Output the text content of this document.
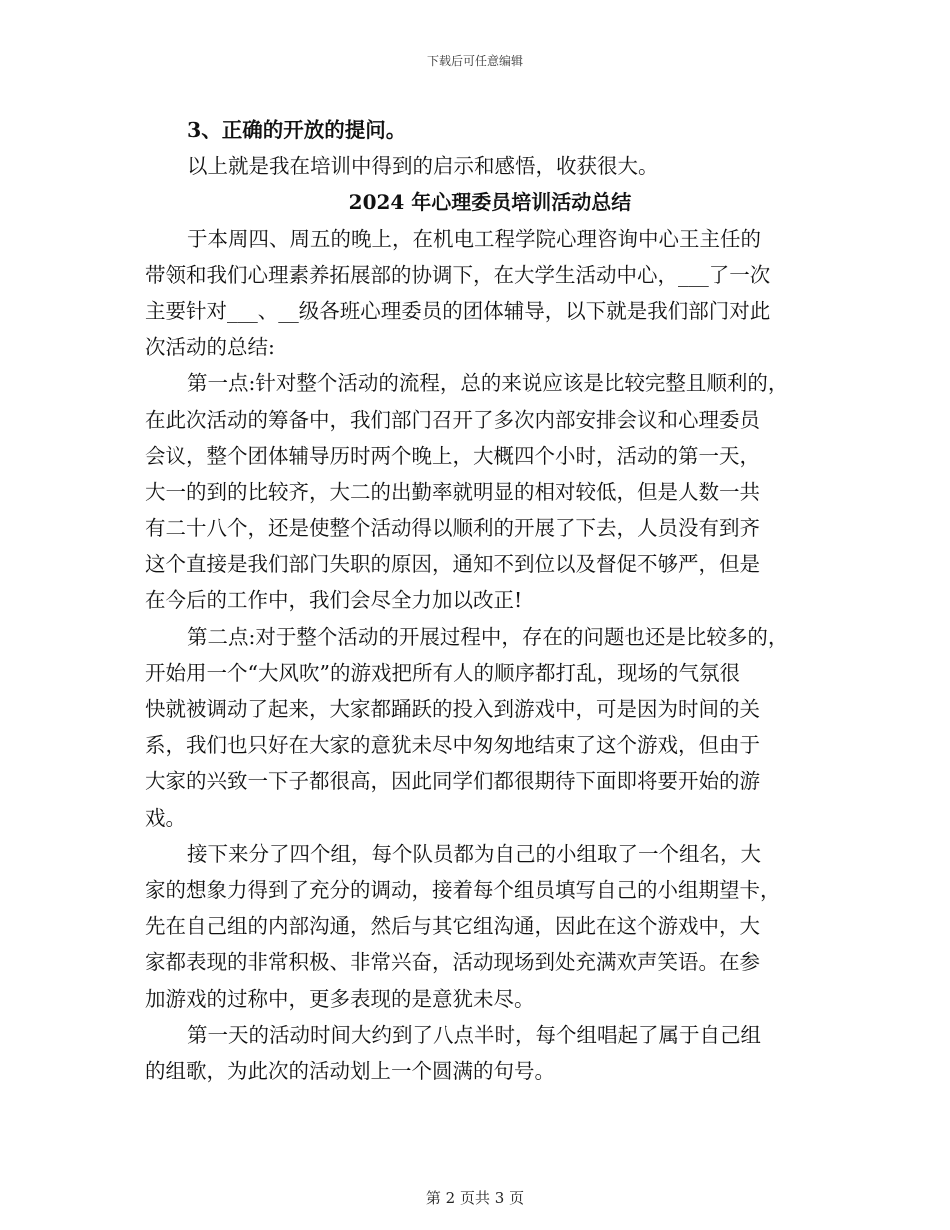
下载后可任意编辑
3、正确的开放的提问。
以上就是我在培训中得到的启示和感悟，收获很大。
2024 年心理委员培训活动总结
于本周四、周五的晚上，在机电工程学院心理咨询中心王主任的
带领和我们心理素养拓展部的协调下，在大学生活动中心，___了一次
主要针对___、__级各班心理委员的团体辅导，以下就是我们部门对此
次活动的总结:
第一点:针对整个活动的流程，总的来说应该是比较完整且顺利的，
在此次活动的筹备中，我们部门召开了多次内部安排会议和心理委员
会议，整个团体辅导历时两个晚上，大概四个小时，活动的第一天，
大一的到的比较齐，大二的出勤率就明显的相对较低，但是人数一共
有二十八个，还是使整个活动得以顺利的开展了下去，人员没有到齐
这个直接是我们部门失职的原因，通知不到位以及督促不够严，但是
在今后的工作中，我们会尽全力加以改正!
第二点:对于整个活动的开展过程中，存在的问题也还是比较多的，
开始用一个“大风吹”的游戏把所有人的顺序都打乱，现场的气氛很
快就被调动了起来，大家都踊跃的投入到游戏中，可是因为时间的关
系，我们也只好在大家的意犹未尽中匆匆地结束了这个游戏，但由于
大家的兴致一下子都很高，因此同学们都很期待下面即将要开始的游
戏。
接下来分了四个组，每个队员都为自己的小组取了一个组名，大
家的想象力得到了充分的调动，接着每个组员填写自己的小组期望卡，
先在自己组的内部沟通，然后与其它组沟通，因此在这个游戏中，大
家都表现的非常积极、非常兴奋，活动现场到处充满欢声笑语。在参
加游戏的过称中，更多表现的是意犹未尽。
第一天的活动时间大约到了八点半时，每个组唱起了属于自己组
的组歌，为此次的活动划上一个圆满的句号。
第 2 页共 3 页
